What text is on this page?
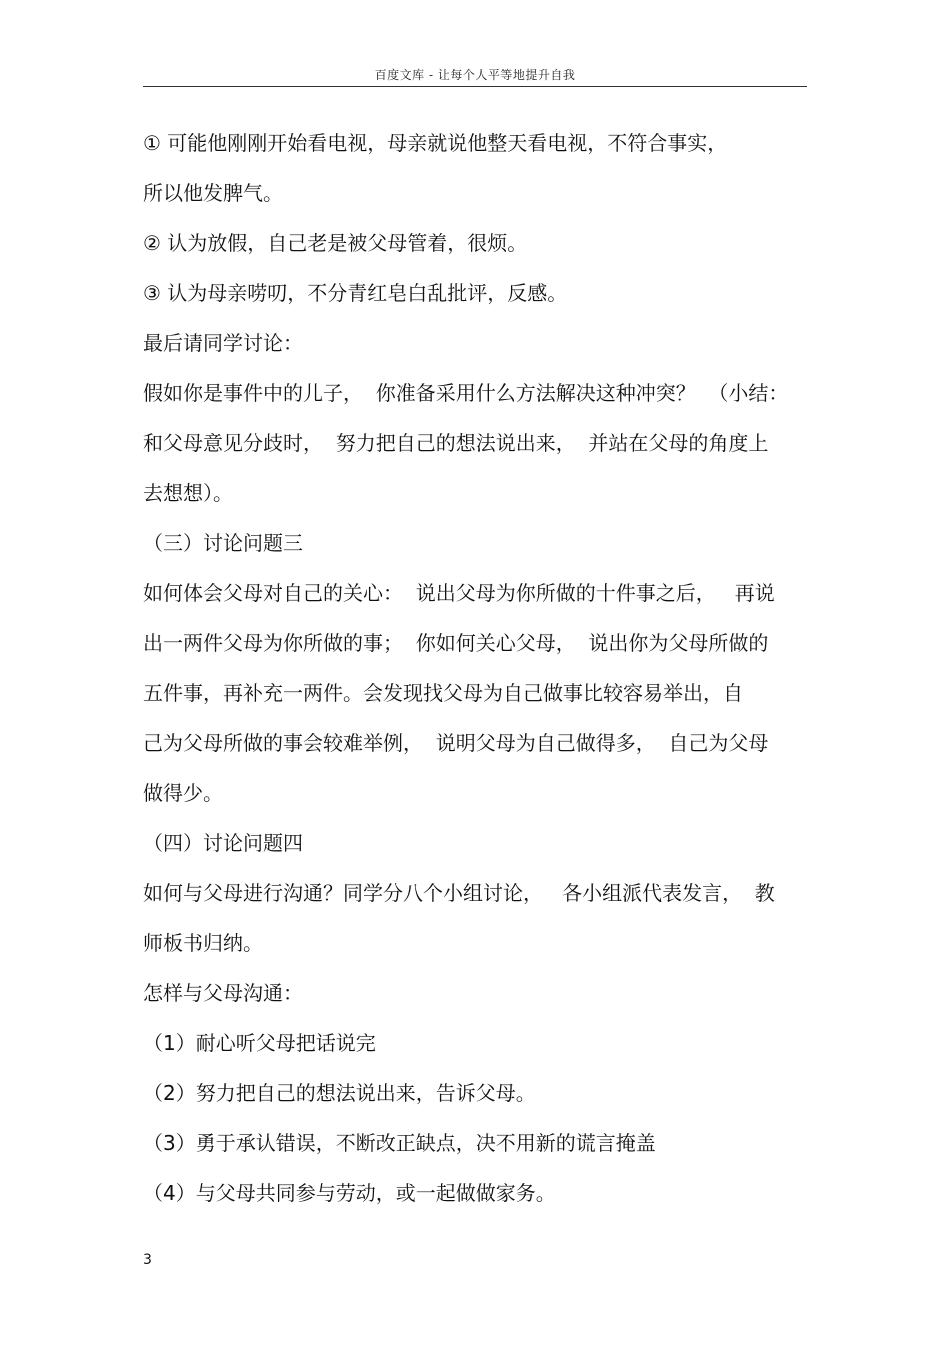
百度文库 - 让每个人平等地提升自我
① 可能他刚刚开始看电视，母亲就说他整天看电视，不符合事实，
所以他发脾气。
② 认为放假，自己老是被父母管着，很烦。
③ 认为母亲唠叨，不分青红皂白乱批评，反感。
最后请同学讨论：
假如你是事件中的儿子，  你准备采用什么方法解决这种冲突？  （小结：
和父母意见分歧时，  努力把自己的想法说出来，  并站在父母的角度上
去想想）。
（三）讨论问题三
如何体会父母对自己的关心：  说出父母为你所做的十件事之后，   再说
出一两件父母为你所做的事；  你如何关心父母，  说出你为父母所做的
五件事，再补充一两件。会发现找父母为自己做事比较容易举出，自
己为父母所做的事会较难举例，  说明父母为自己做得多，  自己为父母
做得少。
（四）讨论问题四
如何与父母进行沟通？同学分八个小组讨论，   各小组派代表发言，  教
师板书归纳。
怎样与父母沟通：
（1）耐心听父母把话说完
（2）努力把自己的想法说出来，告诉父母。
（3）勇于承认错误，不断改正缺点，决不用新的谎言掩盖
（4）与父母共同参与劳动，或一起做做家务。
3
